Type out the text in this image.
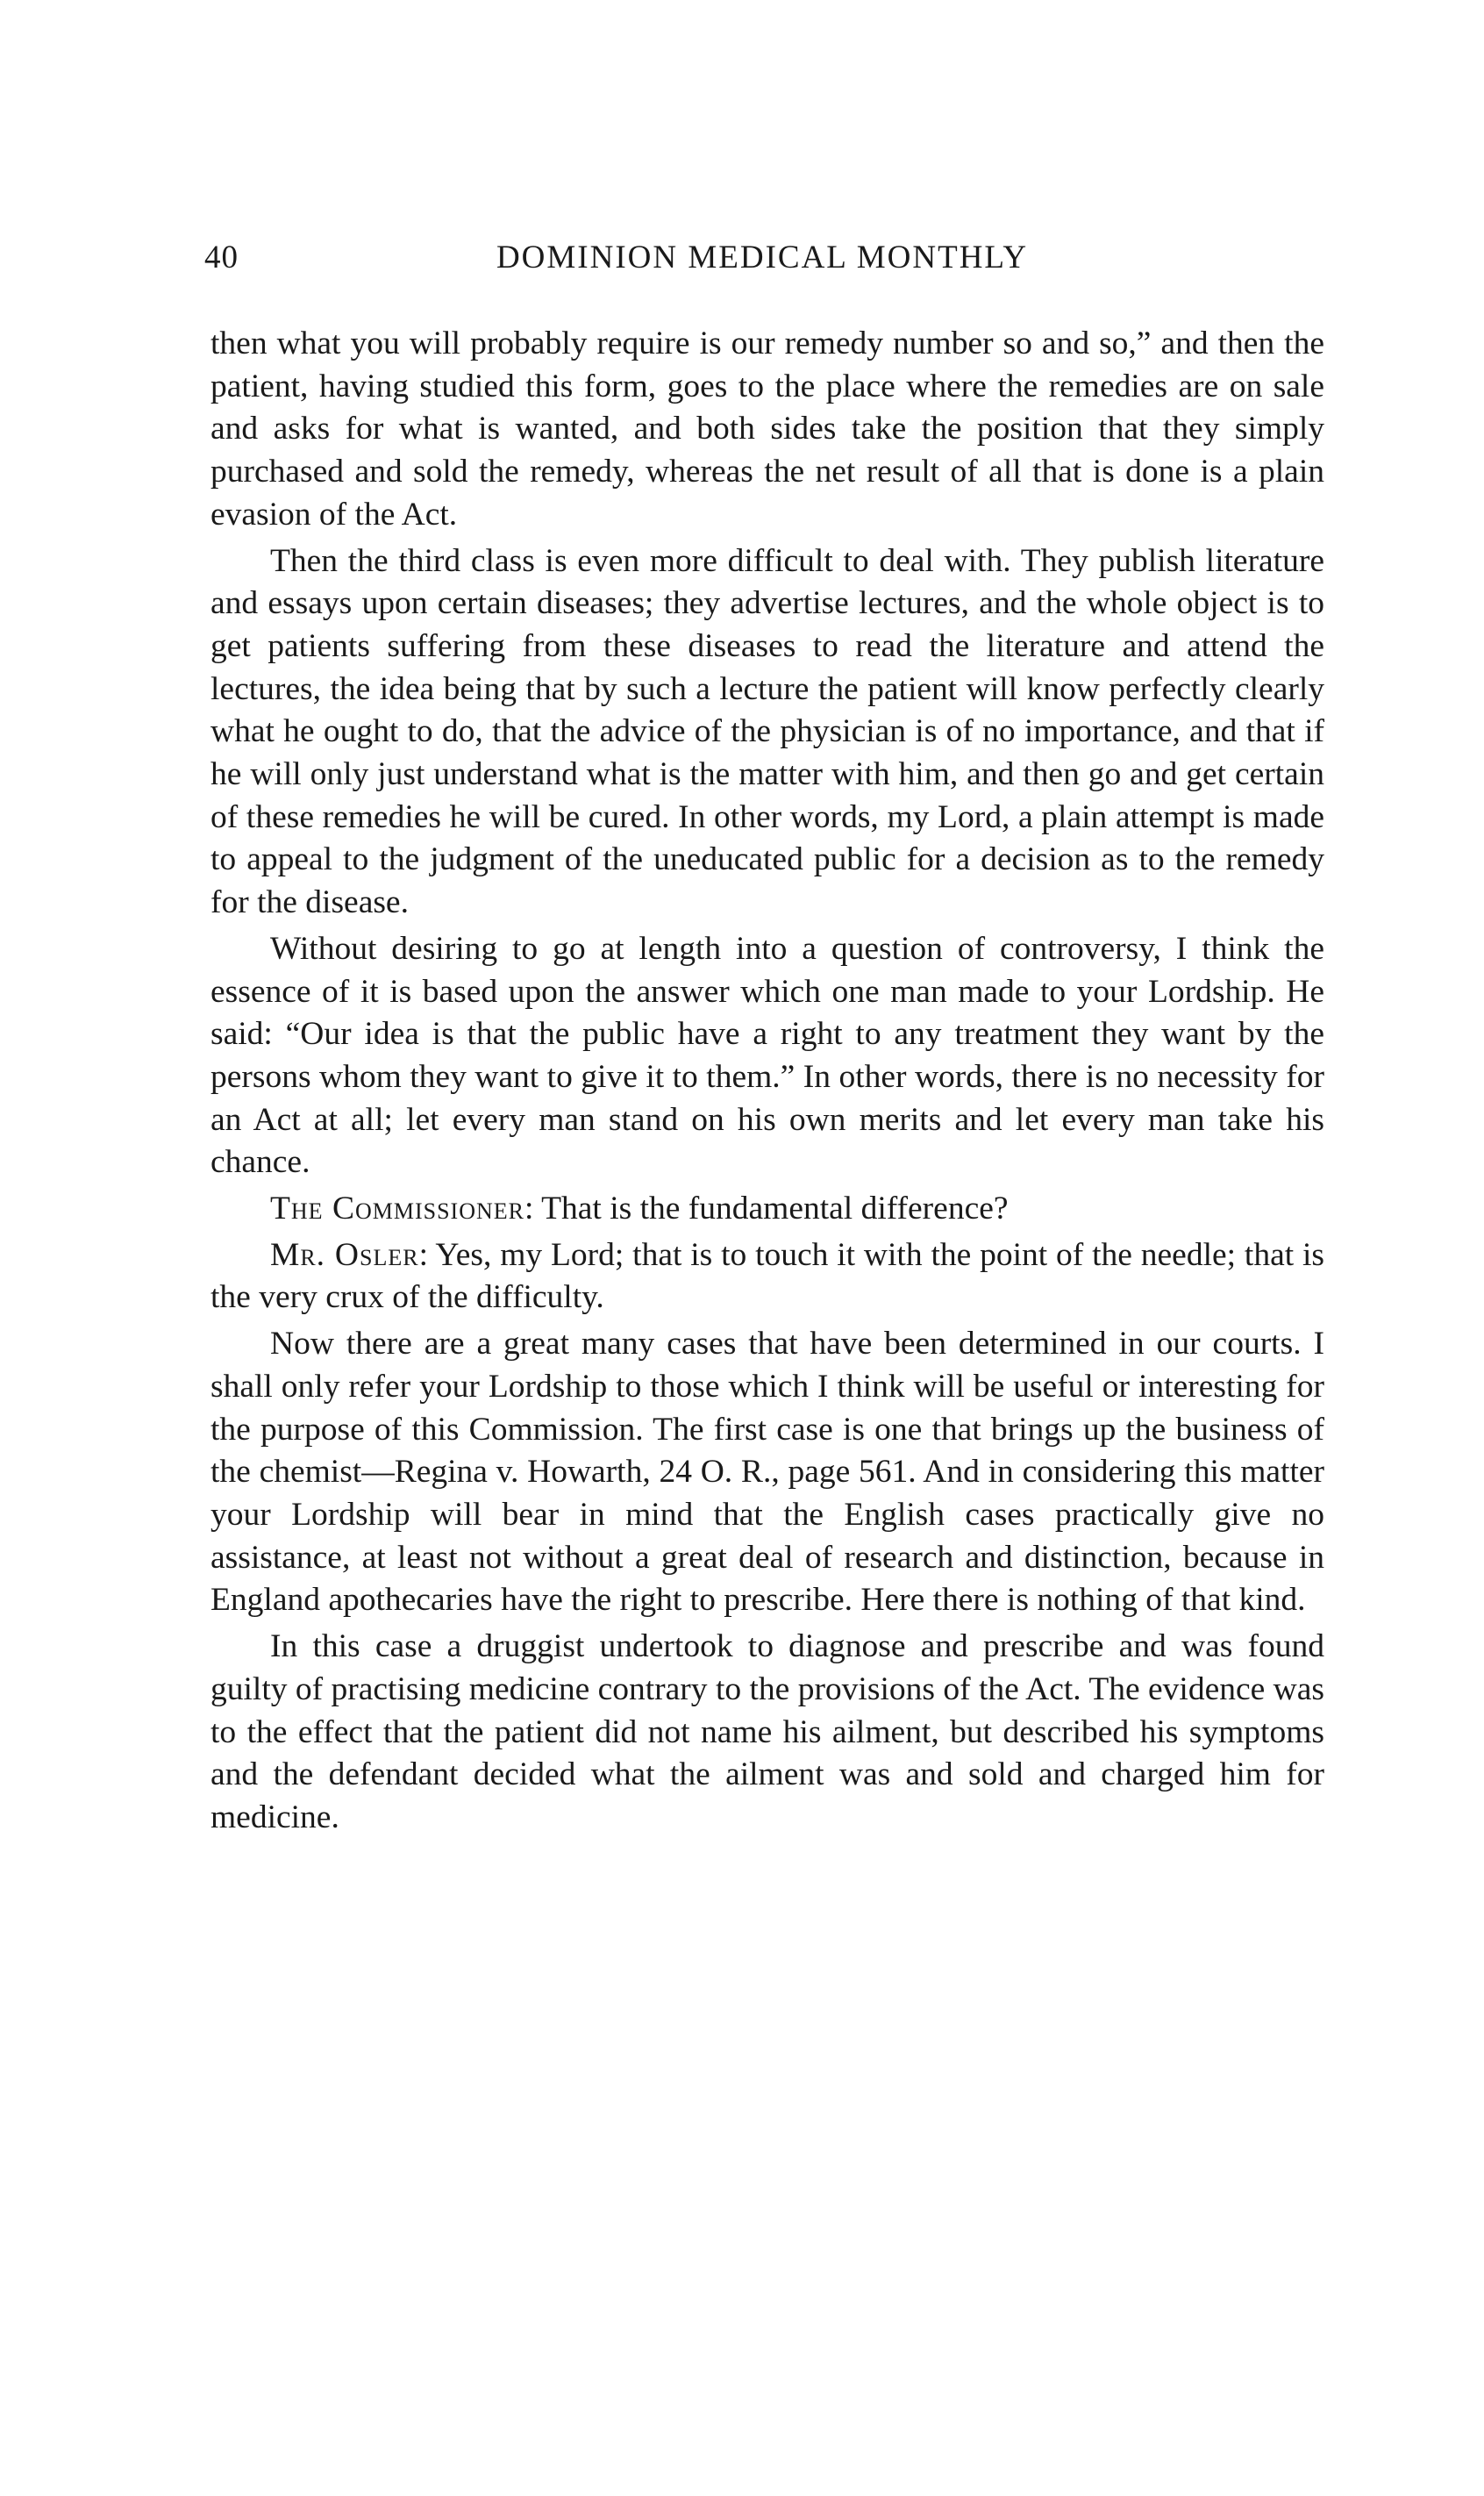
40	DOMINION MEDICAL MONTHLY

then what you will probably require is our remedy number so and so,” and then the patient, having studied this form, goes to the place where the remedies are on sale and asks for what is wanted, and both sides take the position that they simply purchased and sold the remedy, whereas the net result of all that is done is a plain evasion of the Act.

Then the third class is even more difficult to deal with. They publish literature and essays upon certain diseases; they advertise lectures, and the whole object is to get patients suffering from these diseases to read the literature and attend the lectures, the idea being that by such a lecture the patient will know perfectly clearly what he ought to do, that the advice of the physician is of no importance, and that if he will only just understand what is the matter with him, and then go and get certain of these remedies he will be cured. In other words, my Lord, a plain attempt is made to appeal to the judgment of the uneducated public for a decision as to the remedy for the disease.

Without desiring to go at length into a question of controversy, I think the essence of it is based upon the answer which one man made to your Lordship. He said: “Our idea is that the public have a right to any treatment they want by the persons whom they want to give it to them.” In other words, there is no necessity for an Act at all; let every man stand on his own merits and let every man take his chance.

The Commissioner: That is the fundamental difference?

Mr. Osler: Yes, my Lord; that is to touch it with the point of the needle; that is the very crux of the difficulty.

Now there are a great many cases that have been determined in our courts. I shall only refer your Lordship to those which I think will be useful or interesting for the purpose of this Commission. The first case is one that brings up the business of the chemist—Regina v. Howarth, 24 O. R., page 561. And in considering this matter your Lordship will bear in mind that the English cases practically give no assistance, at least not without a great deal of research and distinction, because in England apothecaries have the right to prescribe. Here there is nothing of that kind.

In this case a druggist undertook to diagnose and prescribe and was found guilty of practising medicine contrary to the provisions of the Act. The evidence was to the effect that the patient did not name his ailment, but described his symptoms and the defendant decided what the ailment was and sold and charged him for medicine.
